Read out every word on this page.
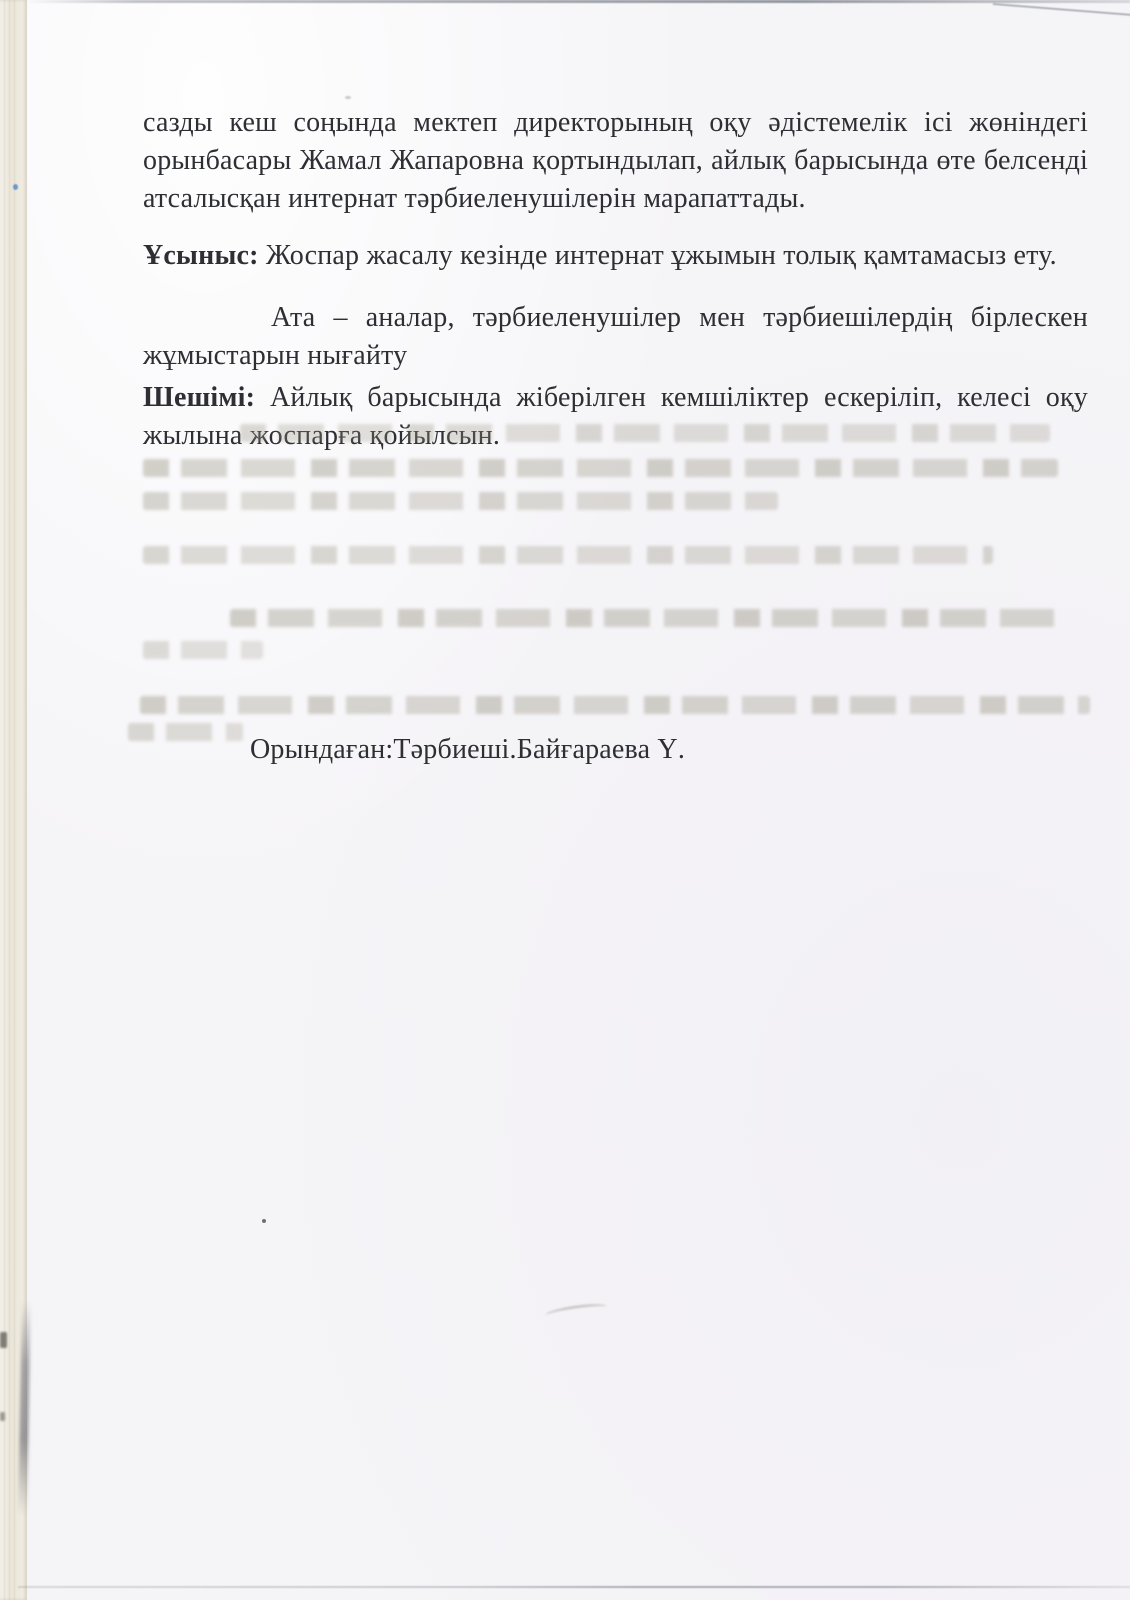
сазды кеш соңында мектеп директорының оқу әдістемелік ісі жөніндегі орынбасары Жамал Жапаровна қортындылап, айлық барысында өте белсенді атсалысқан интернат тәрбиеленушілерін марапаттады.
Ұсыныс: Жоспар жасалу кезінде интернат ұжымын толық қамтамасыз ету.
Ата – аналар, тәрбиеленушілер мен тәрбиешілердің бірлескен жұмыстарын нығайту
Шешімі: Айлық барысында жіберілген кемшіліктер ескеріліп, келесі оқу жылына жоспарға қойылсын.
Орындаған:Тәрбиеші.Байғараева Ү.
